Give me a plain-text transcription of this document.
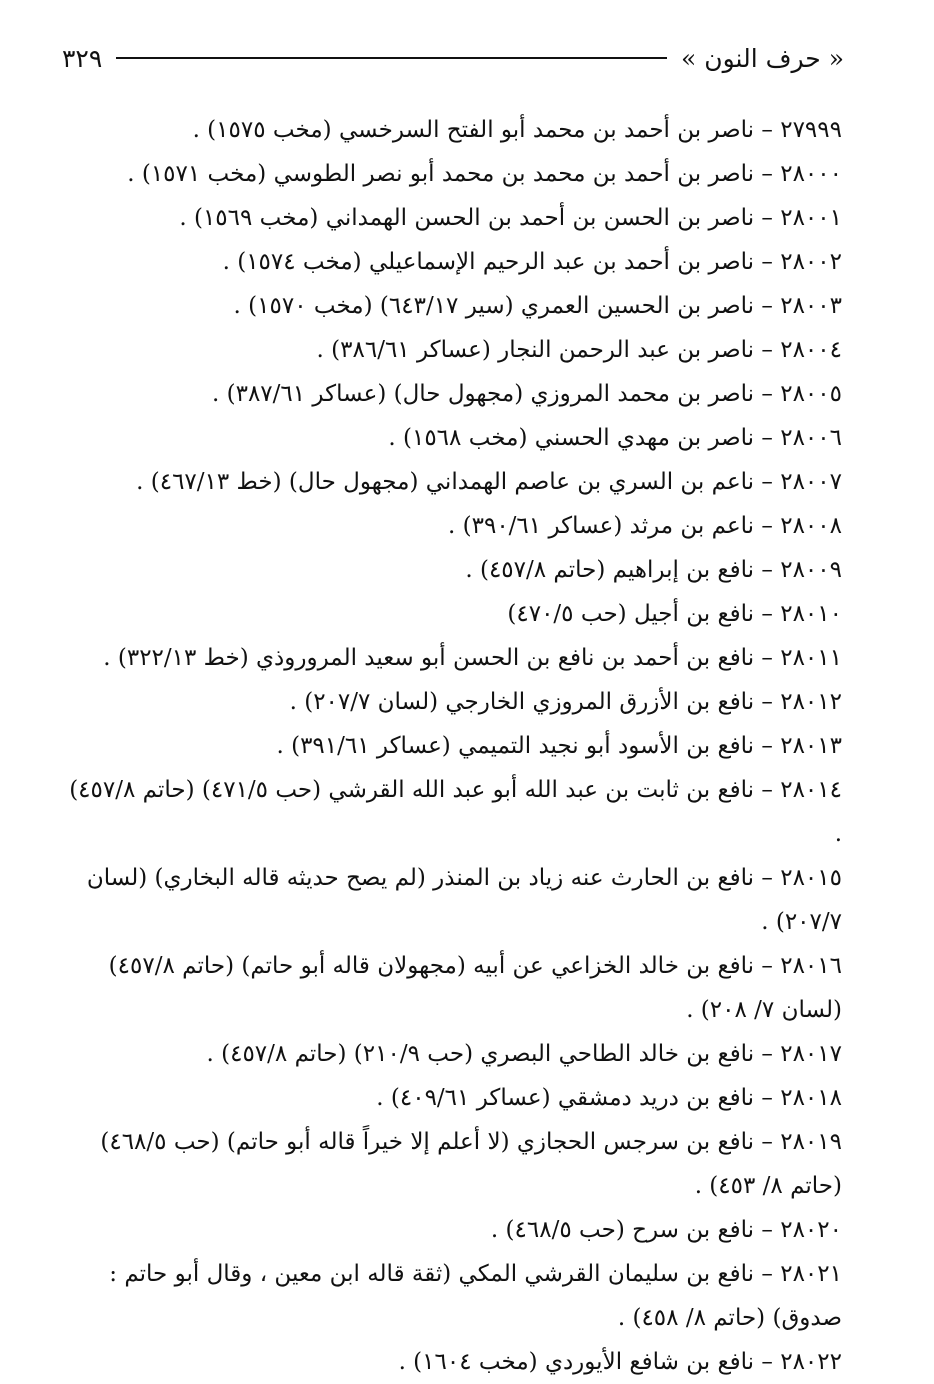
« حرف النون »
٣٢٩
٢٧٩٩٩ – ناصر بن أحمد بن محمد أبو الفتح السرخسي (مخب ١٥٧٥) .
٢٨٠٠٠ – ناصر بن أحمد بن محمد بن محمد أبو نصر الطوسي (مخب ١٥٧١) .
٢٨٠٠١ – ناصر بن الحسن بن أحمد بن الحسن الهمداني (مخب ١٥٦٩) .
٢٨٠٠٢ – ناصر بن أحمد بن عبد الرحيم الإسماعيلي (مخب ١٥٧٤) .
٢٨٠٠٣ – ناصر بن الحسين العمري (سير ٦٤٣/١٧) (مخب ١٥٧٠) .
٢٨٠٠٤ – ناصر بن عبد الرحمن النجار (عساكر ٣٨٦/٦١) .
٢٨٠٠٥ – ناصر بن محمد المروزي (مجهول حال) (عساكر ٣٨٧/٦١) .
٢٨٠٠٦ – ناصر بن مهدي الحسني (مخب ١٥٦٨) .
٢٨٠٠٧ – ناعم بن السري بن عاصم الهمداني (مجهول حال) (خط ٤٦٧/١٣) .
٢٨٠٠٨ – ناعم بن مرثد (عساكر ٣٩٠/٦١) .
٢٨٠٠٩ – نافع بن إبراهيم (حاتم ٤٥٧/٨) .
٢٨٠١٠ – نافع بن أجيل (حب ٤٧٠/٥)
٢٨٠١١ – نافع بن أحمد بن نافع بن الحسن أبو سعيد المروروذي (خط ٣٢٢/١٣) .
٢٨٠١٢ – نافع بن الأزرق المروزي الخارجي (لسان ٢٠٧/٧) .
٢٨٠١٣ – نافع بن الأسود أبو نجيد التميمي (عساكر ٣٩١/٦١) .
٢٨٠١٤ – نافع بن ثابت بن عبد الله أبو عبد الله القرشي (حب ٤٧١/٥) (حاتم ٤٥٧/٨) .
٢٨٠١٥ – نافع بن الحارث عنه زياد بن المنذر (لم يصح حديثه قاله البخاري) (لسان ٢٠٧/٧) .
٢٨٠١٦ – نافع بن خالد الخزاعي عن أبيه (مجهولان قاله أبو حاتم) (حاتم ٤٥٧/٨) (لسان ٧/ ٢٠٨) .
٢٨٠١٧ – نافع بن خالد الطاحي البصري (حب ٢١٠/٩) (حاتم ٤٥٧/٨) .
٢٨٠١٨ – نافع بن دريد دمشقي (عساكر ٤٠٩/٦١) .
٢٨٠١٩ – نافع بن سرجس الحجازي (لا أعلم إلا خيراً قاله أبو حاتم) (حب ٤٦٨/٥) (حاتم ٨/ ٤٥٣) .
٢٨٠٢٠ – نافع بن سرح (حب ٤٦٨/٥) .
٢٨٠٢١ – نافع بن سليمان القرشي المكي (ثقة قاله ابن معين ، وقال أبو حاتم : صدوق) (حاتم ٨/ ٤٥٨) .
٢٨٠٢٢ – نافع بن شافع الأيوردي (مخب ١٦٠٤) .
